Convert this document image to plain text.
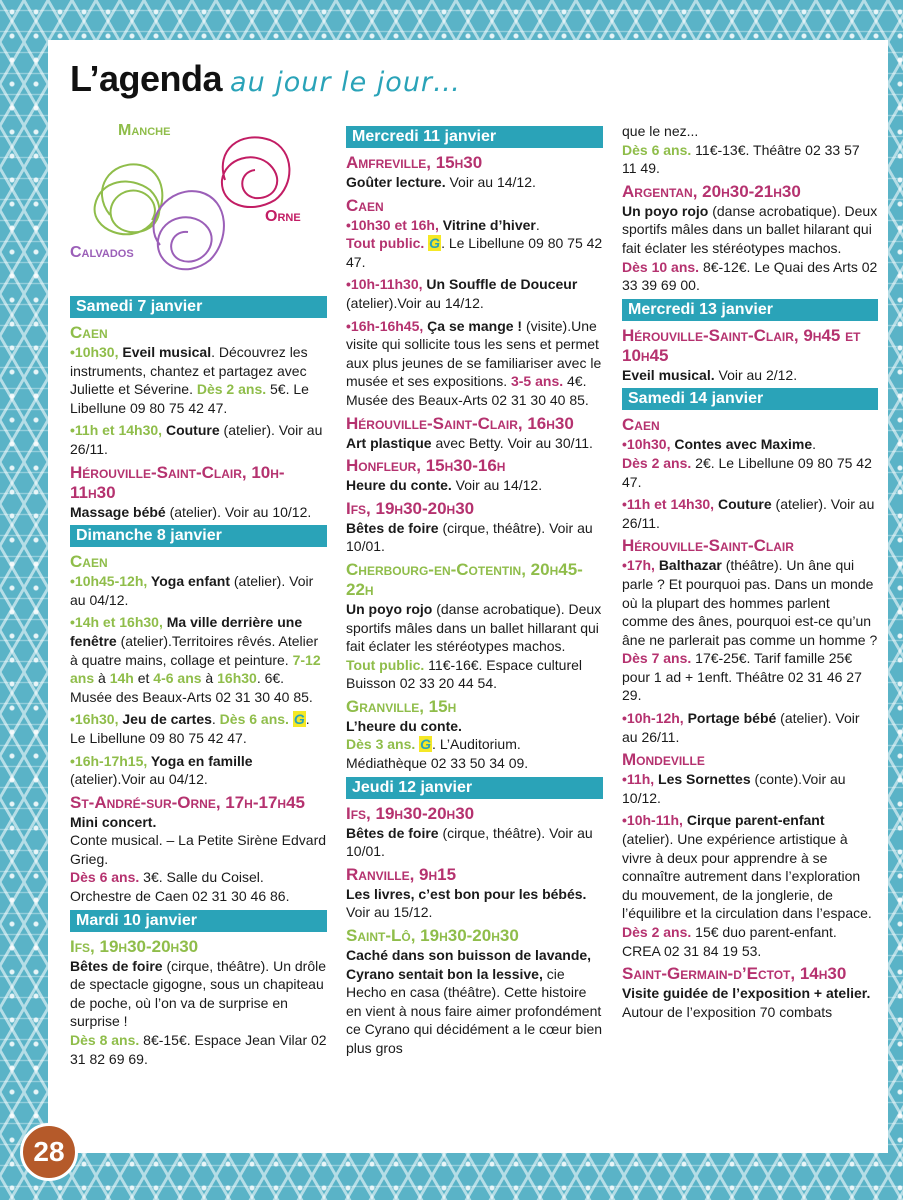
L’agenda au jour le jour…
Manche
Orne
Calvados
Samedi 7 janvier
Caen
•10h30, Eveil musical. Découvrez les instruments, chantez et partagez avec Juliette et Séverine. Dès 2 ans. 5€. Le Libellune 09 80 75 42 47.
•11h et 14h30, Couture (atelier). Voir au 26/11.
Hérouville-Saint-Clair, 10h-11h30
Massage bébé (atelier). Voir au 10/12.
Dimanche 8 janvier
Caen
•10h45-12h, Yoga enfant (atelier). Voir au 04/12.
•14h et 16h30, Ma ville derrière une fenêtre (atelier).Territoires rêvés. Atelier à quatre mains, collage et peinture. 7-12 ans à 14h et 4-6 ans à 16h30. 6€. Musée des Beaux-Arts 02 31 30 40 85.
•16h30, Jeu de cartes. Dès 6 ans. G. Le Libellune 09 80 75 42 47.
•16h-17h15, Yoga en famille (atelier).Voir au 04/12.
St-André-sur-Orne, 17h-17h45
Mini concert.
Conte musical. – La Petite Sirène Edvard Grieg.
Dès 6 ans. 3€. Salle du Coisel. Orchestre de Caen 02 31 30 46 86.
Mardi 10 janvier
Ifs, 19h30-20h30
Bêtes de foire (cirque, théâtre). Un drôle de spectacle gigogne, sous un chapiteau de poche, où l’on va de surprise en surprise !
Dès 8 ans. 8€-15€. Espace Jean Vilar 02 31 82 69 69.
Mercredi 11 janvier
Amfreville, 15h30
Goûter lecture. Voir au 14/12.
Caen
•10h30 et 16h, Vitrine d’hiver.
Tout public. G. Le Libellune 09 80 75 42 47.
•10h-11h30, Un Souffle de Douceur (atelier).Voir au 14/12.
•16h-16h45, Ça se mange ! (visite).Une visite qui sollicite tous les sens et permet aux plus jeunes de se familiariser avec le musée et ses expositions. 3-5 ans. 4€. Musée des Beaux-Arts 02 31 30 40 85.
Hérouville-Saint-Clair, 16h30
Art plastique avec Betty. Voir au 30/11.
Honfleur, 15h30-16h
Heure du conte. Voir au 14/12.
Ifs, 19h30-20h30
Bêtes de foire (cirque, théâtre). Voir au 10/01.
Cherbourg-en-Cotentin, 20h45-22h
Un poyo rojo (danse acrobatique). Deux sportifs mâles dans un ballet hillarant qui fait éclater les stéréotypes machos.
Tout public. 11€-16€. Espace culturel Buisson 02 33 20 44 54.
Granville, 15h
L’heure du conte.
Dès 3 ans. G. L’Auditorium. Médiathèque 02 33 50 34 09.
Jeudi 12 janvier
Ifs, 19h30-20h30
Bêtes de foire (cirque, théâtre). Voir au 10/01.
Ranville, 9h15
Les livres, c’est bon pour les bébés. Voir au 15/12.
Saint-Lô, 19h30-20h30
Caché dans son buisson de lavande, Cyrano sentait bon la lessive, cie Hecho en casa (théâtre). Cette histoire en vient à nous faire aimer profondément ce Cyrano qui décidément a le cœur bien plus gros
que le nez...
Dès 6 ans. 11€-13€. Théâtre 02 33 57 11 49.
Argentan, 20h30-21h30
Un poyo rojo (danse acrobatique). Deux sportifs mâles dans un ballet hilarant qui fait éclater les stéréotypes machos.
Dès 10 ans. 8€-12€. Le Quai des Arts 02 33 39 69 00.
Mercredi 13 janvier
Hérouville-Saint-Clair, 9h45 et 10h45
Eveil musical. Voir au 2/12.
Samedi 14 janvier
Caen
•10h30, Contes avec Maxime.
Dès 2 ans. 2€. Le Libellune 09 80 75 42 47.
•11h et 14h30, Couture (atelier). Voir au 26/11.
Hérouville-Saint-Clair
•17h, Balthazar (théâtre). Un âne qui parle ? Et pourquoi pas. Dans un monde où la plupart des hommes parlent comme des ânes, pourquoi est-ce qu’un âne ne parlerait pas comme un homme ?
Dès 7 ans. 17€-25€. Tarif famille 25€ pour 1 ad + 1enft. Théâtre 02 31 46 27 29.
•10h-12h, Portage bébé (atelier). Voir au 26/11.
Mondeville
•11h, Les Sornettes (conte).Voir au 10/12.
•10h-11h, Cirque parent-enfant (atelier). Une expérience artistique à vivre à deux pour apprendre à se connaître autrement dans l’exploration du mouvement, de la jonglerie, de l’équilibre et la circulation dans l’espace.
Dès 2 ans. 15€ duo parent-enfant. CREA 02 31 84 19 53.
Saint-Germain-d’Ectot, 14h30
Visite guidée de l’exposition + atelier.
Autour de l’exposition 70 combats
28
